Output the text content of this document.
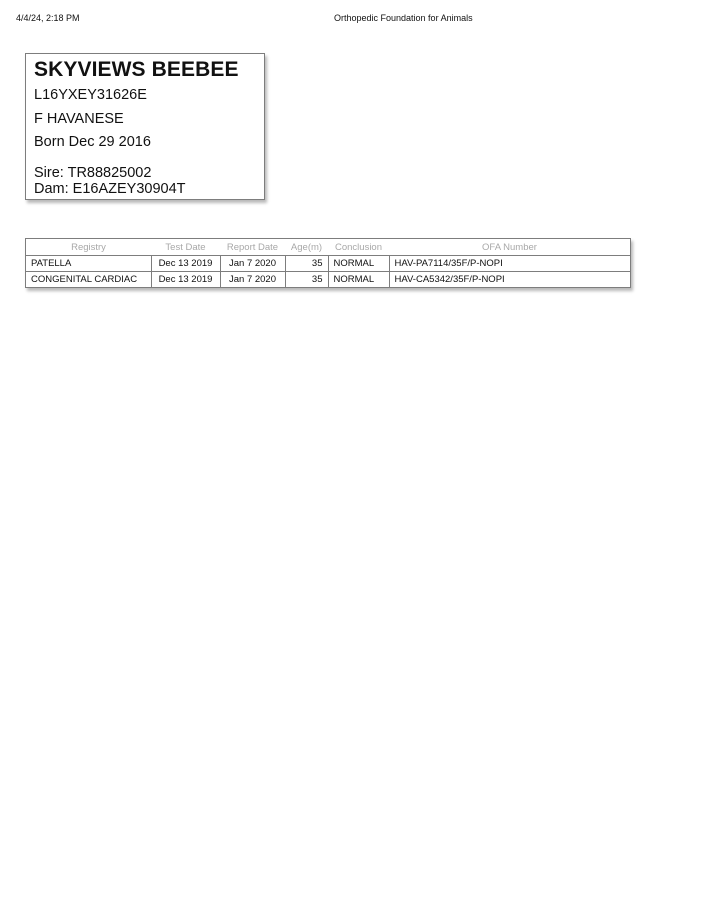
4/4/24, 2:18 PM	Orthopedic Foundation for Animals
SKYVIEWS BEEBEE
L16YXEY31626E
F HAVANESE
Born Dec 29 2016
Sire: TR88825002
Dam: E16AZEY30904T
Registry	Test Date	Report Date	Age(m)	Conclusion	OFA Number
PATELLA	Dec 13 2019	Jan 7 2020	35	NORMAL	HAV-PA7114/35F/P-NOPI
CONGENITAL CARDIAC	Dec 13 2019	Jan 7 2020	35	NORMAL	HAV-CA5342/35F/P-NOPI
